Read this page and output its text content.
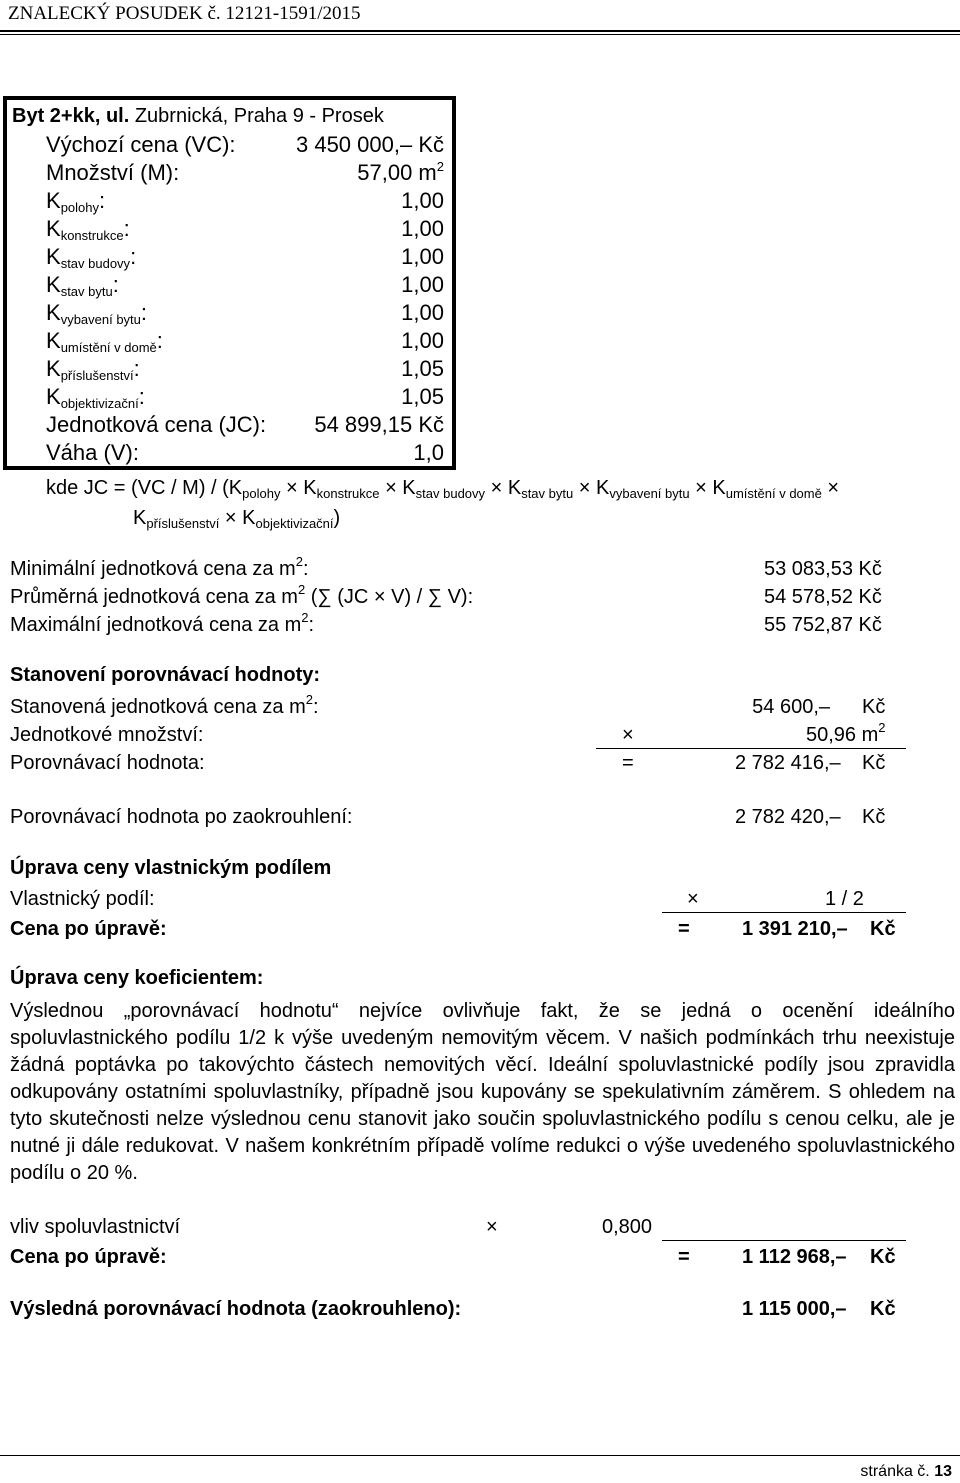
ZNALECKÝ POSUDEK č. 12121-1591/2015
Byt 2+kk, ul. Zubrnická, Praha 9 - Prosek
Výchozí cena (VC):	3 450 000,– Kč
Množství (M):	57,00 $m^2$
$K_{polohy}$:	1,00
$K_{konstrukce}$:	1,00
$K_{stav budovy}$:	1,00
$K_{stav bytu}$:	1,00
$K_{vybavení bytu}$:	1,00
$K_{umístění v domě}$:	1,00
$K_{příslušenství}$:	1,05
$K_{objektivizační}$:	1,05
Jednotková cena (JC): 54 899,15 Kč
Váha (V):	1,0
kde JC = $(VC / M) / (K_{polohy} \times K_{konstrukce} \times K_{stav budovy} \times K_{stav bytu} \times K_{vybavení bytu} \times K_{umístění v domě}$ ×
$K_{příslušenství} \times K_{objektivizační}$)
Minimální jednotková cena za $m^2$:	53 083,53 Kč
Průměrná jednotková cena za $m^2$ (∑ (JC × V) / ∑ V):	54 578,52 Kč
Maximální jednotková cena za $m^2$:	55 752,87 Kč
Stanovení porovnávací hodnoty:
Stanovená jednotková cena za $m^2$:	54 600,– Kč
Jednotkové množství:	×	50,96 $m^2$
Porovnávací hodnota:	=	2 782 416,– Kč
Porovnávací hodnota po zaokrouhlení:	2 782 420,– Kč
Úprava ceny vlastnickým podílem
Vlastnický podíl:	×	1 / 2
Cena po úpravě:	=	1 391 210,– Kč
Úprava ceny koeficientem:
Výslednou „porovnávací hodnotu“ nejvíce ovlivňuje fakt, že se jedná o ocenění ideálního spoluvlastnického podílu 1/2 k výše uvedeným nemovitým věcem. V našich podmínkách trhu neexistuje žádná poptávka po takovýchto částech nemovitých věcí. Ideální spoluvlastnické podíly jsou zpravidla odkupovány ostatními spoluvlastníky, případně jsou kupovány se spekulativním záměrem. S ohledem na tyto skutečnosti nelze výslednou cenu stanovit jako součin spoluvlastnického podílu s cenou celku, ale je nutné ji dále redukovat. V našem konkrétním případě volíme redukci o výše uvedeného spoluvlastnického podílu o 20 %.
vliv spoluvlastnictví	×	0,800
Cena po úpravě:	=	1 112 968,– Kč
Výsledná porovnávací hodnota (zaokrouhleno):	1 115 000,– Kč
stránka č. 13
